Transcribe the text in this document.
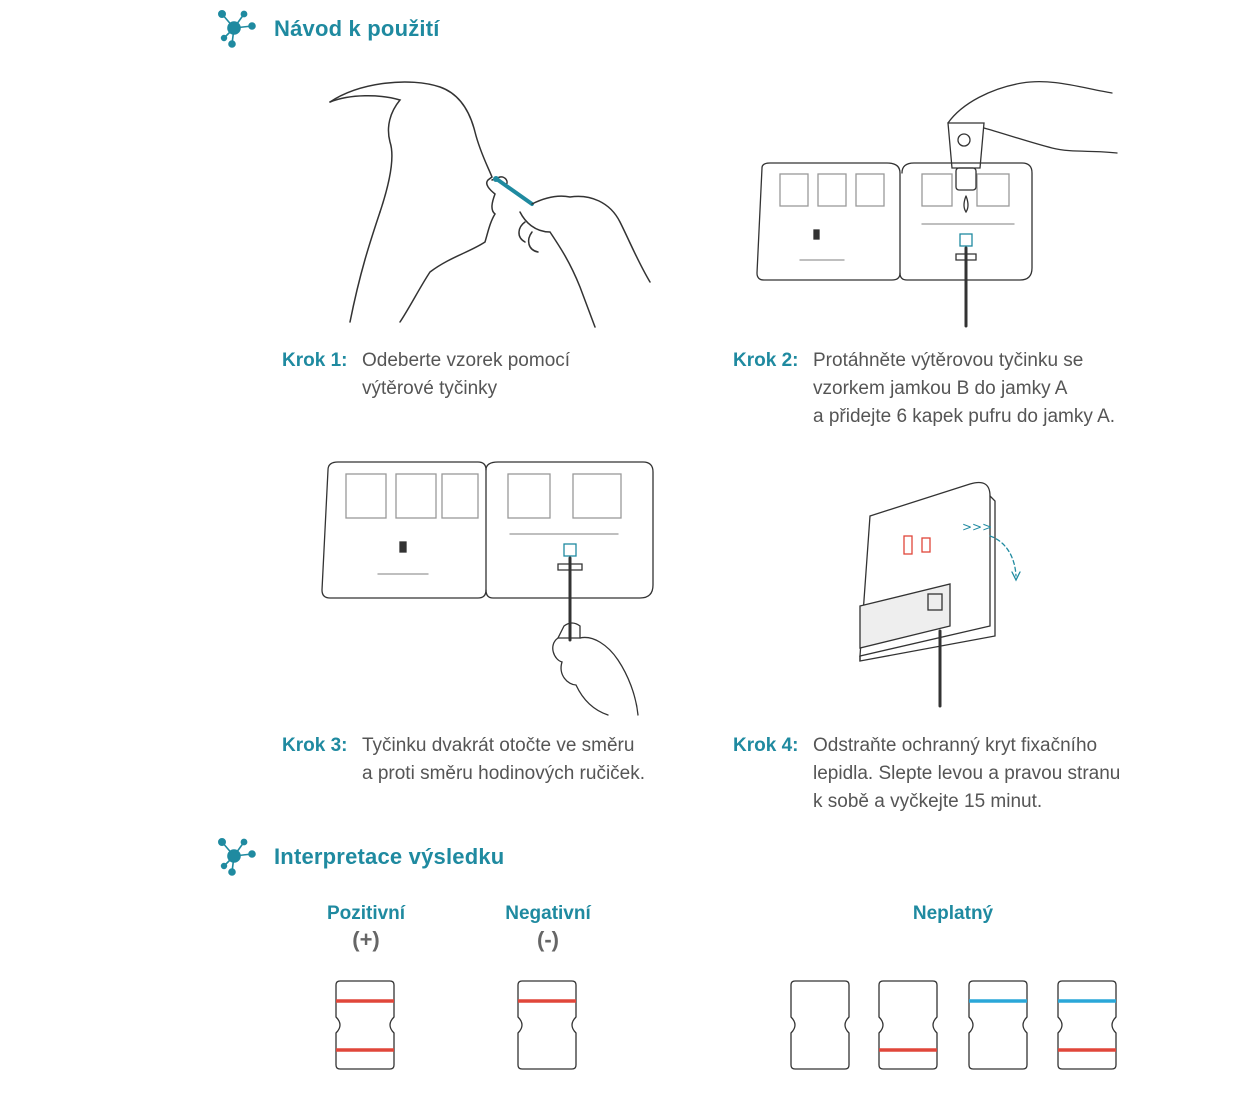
Návod k použití
Krok 1: Odeberte vzorek pomocí
výtěrové tyčinky
Krok 2: Protáhněte výtěrovou tyčinku se
vzorkem jamkou B do jamky A
a přidejte 6 kapek pufru do jamky A.
>>>
Krok 3: Tyčinku dvakrát otočte ve směru
a proti směru hodinových ručiček.
Krok 4: Odstraňte ochranný kryt fixačního
lepidla. Slepte levou a pravou stranu
k sobě a vyčkejte 15 minut.
Interpretace výsledku
Pozitivní
(+)
Negativní
(-)
Neplatný
